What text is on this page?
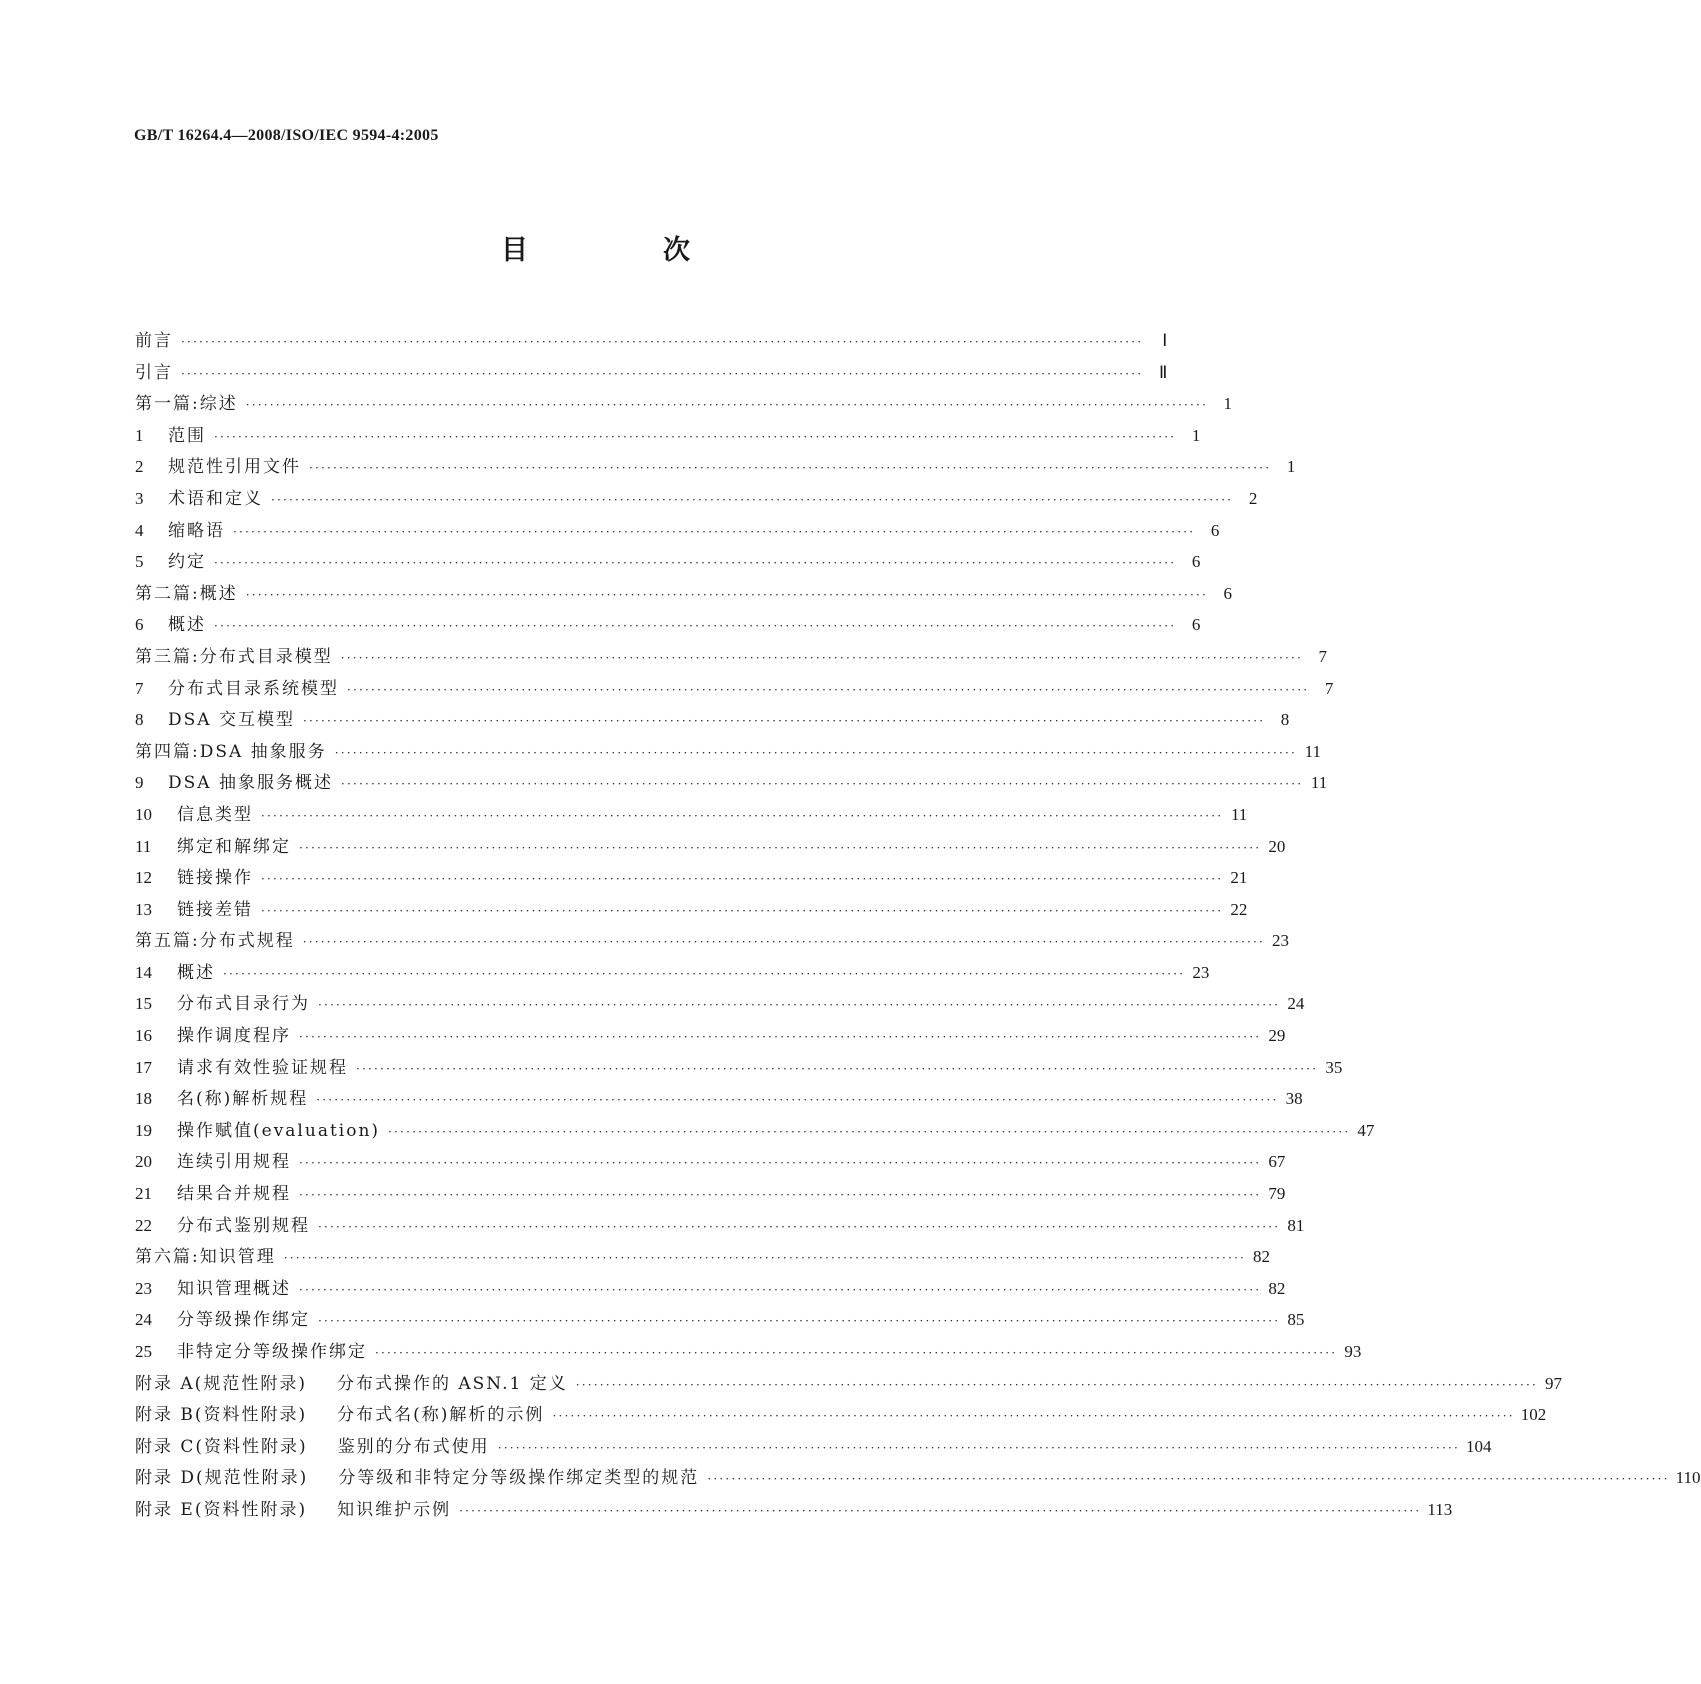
GB/T 16264.4—2008/ISO/IEC 9594-4:2005
目　次
前言 ································································································································································	Ⅰ
引言 ································································································································································ Ⅱ
第一篇:综述 ································································································································································ 1
1	范围 ································································································································································ 1
2	规范性引用文件 ································································································································································ 1
3	术语和定义 ································································································································································ 2
4	缩略语 ································································································································································ 6
5	约定 ································································································································································ 6
第二篇:概述 ································································································································································ 6
6	概述 ································································································································································ 6
第三篇:分布式目录模型 ································································································································································ 7
7	分布式目录系统模型 ································································································································································ 7
8	DSA 交互模型 ································································································································································ 8
第四篇:DSA 抽象服务 ································································································································································ 11
9	DSA 抽象服务概述 ································································································································································ 11
10	信息类型 ································································································································································ 11
11	绑定和解绑定 ································································································································································ 20
12	链接操作 ································································································································································ 21
13	链接差错 ································································································································································ 22
第五篇:分布式规程 ································································································································································ 23
14	概述 ································································································································································ 23
15	分布式目录行为 ································································································································································ 24
16	操作调度程序 ································································································································································ 29
17	请求有效性验证规程 ································································································································································ 35
18	名(称)解析规程 ································································································································································ 38
19	操作赋值(evaluation) ································································································································································ 47
20	连续引用规程 ································································································································································ 67
21	结果合并规程 ································································································································································ 79
22	分布式鉴别规程 ································································································································································ 81
第六篇:知识管理 ································································································································································ 82
23	知识管理概述 ································································································································································ 82
24	分等级操作绑定 ································································································································································ 85
25	非特定分等级操作绑定 ································································································································································ 93
附录 A(规范性附录) 分布式操作的 ASN.1 定义 ································································································································································ 97
附录 B(资料性附录) 分布式名(称)解析的示例 ································································································································································ 102
附录 C(资料性附录) 鉴别的分布式使用 ································································································································································ 104
附录 D(规范性附录) 分等级和非特定分等级操作绑定类型的规范 ································································································································································ 110
附录 E(资料性附录) 知识维护示例 ································································································································································ 113
